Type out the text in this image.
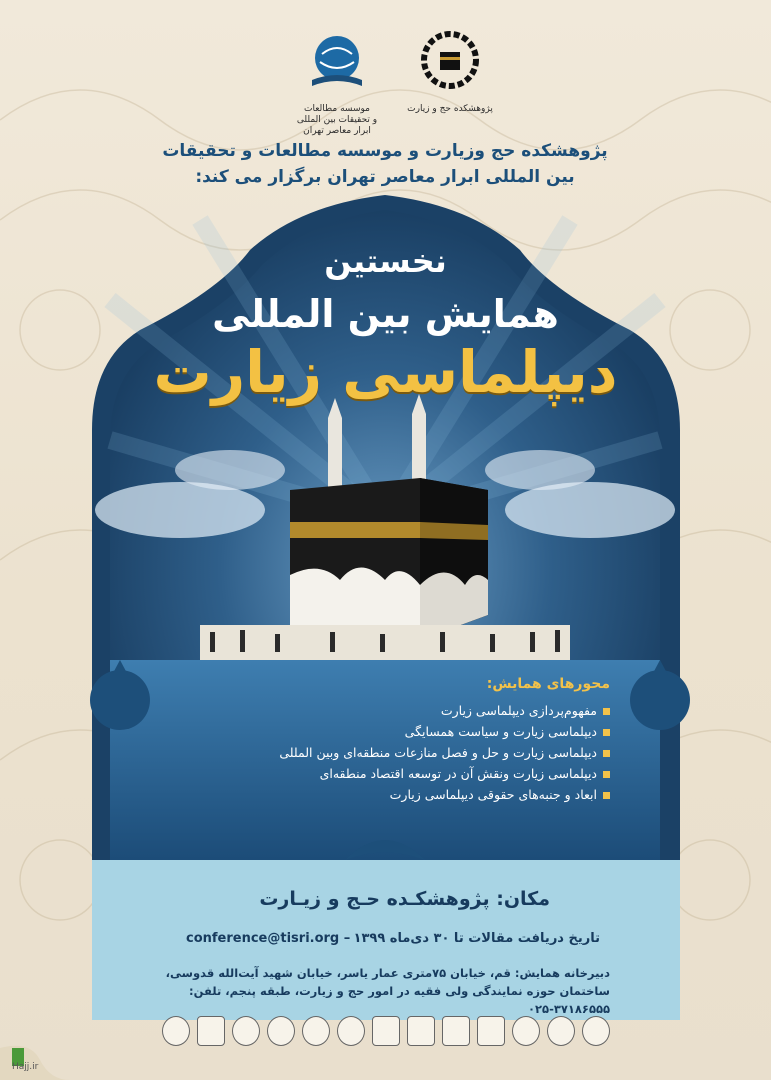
موسسه مطالعات
و تحقیقات بین المللی
ابرار معاصر تهران
پژوهشکده حج و زیارت
پژوهشکده حج وزیارت و موسسه مطالعات و تحقیقات بین المللی ابرار معاصر تهران برگزار می کند:
نخستین
همایش بین المللی
دیپلماسی زیارت
محورهای همایش:
مفهوم‌پردازی دیپلماسی زیارت
دیپلماسی زیارت و سیاست همسایگی
دیپلماسی زیارت و حل و فصل منازعات منطقه‌ای وبین المللی
دیپلماسی زیارت ونقش آن در توسعه اقتصاد منطقه‌ای
ابعاد و جنبه‌های حقوقی دیپلماسی زیارت
مکان: پژوهشکـده حـج و زیـارت
conference@tisri.org – تاریخ دریافت مقالات تا ۳۰ دی‌ماه ۱۳۹۹
دبیرخانه همایش: قم، خیابان ۷۵متری عمار یاسر، خیابان شهید آیت‌الله قدوسی،
ساختمان حوزه نمایندگی ولی فقیه در امور حج و زیارت، طبقه پنجم، تلفن: ۳۷۱۸۶۵۵۵-۰۲۵
Hajj.ir
